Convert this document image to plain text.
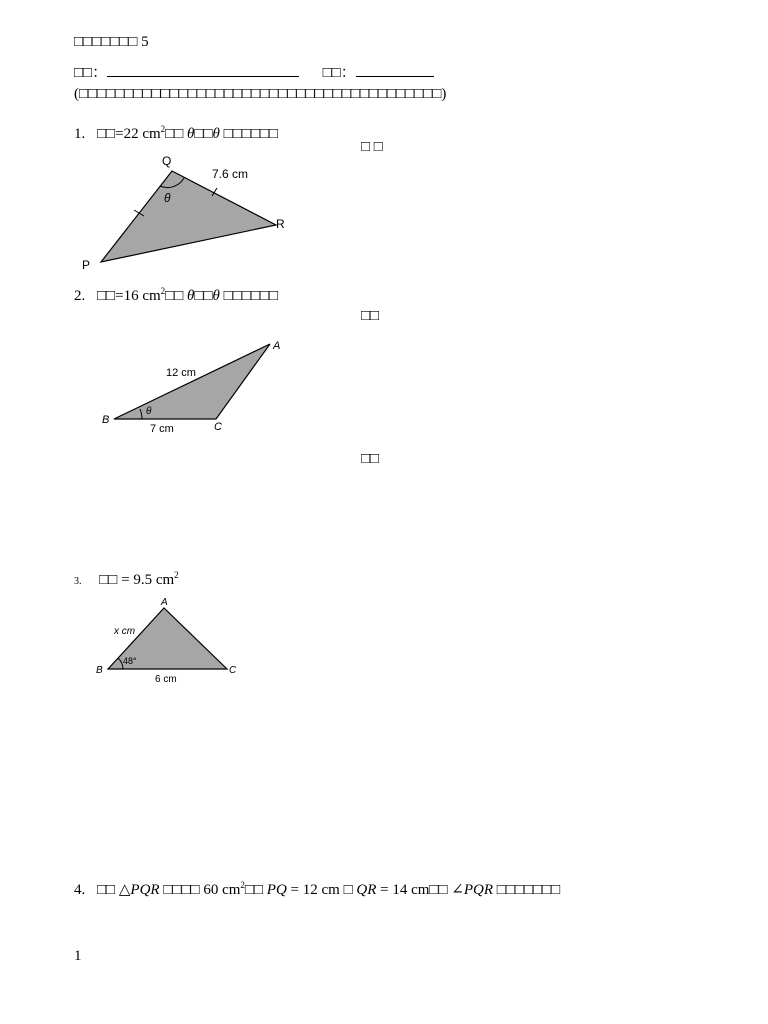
□□□□□□□ 5
□□：	□□：
(□□□□□□□□□□□□□□□□□□□□□□□□□□□□□□□□□□□□□□□□)
1. □□=22 $cm^2□□$ θ□□θ □□□□□□
□ □
Q
R
P
7.6 cm
θ
2. □□=16 $cm^2□□$ θ□□θ □□□□□□
□□
A
B
C
12 cm
7 cm
θ
□□
3. □□ = 9.5 $cm^2$
A
B	C
x cm
6 cm
48°
4. □□ △PQR □□□□ 60 $cm^2□□$ PQ = 12 cm □ QR = 14 cm□□ ∠PQR □□□□□□□
1
